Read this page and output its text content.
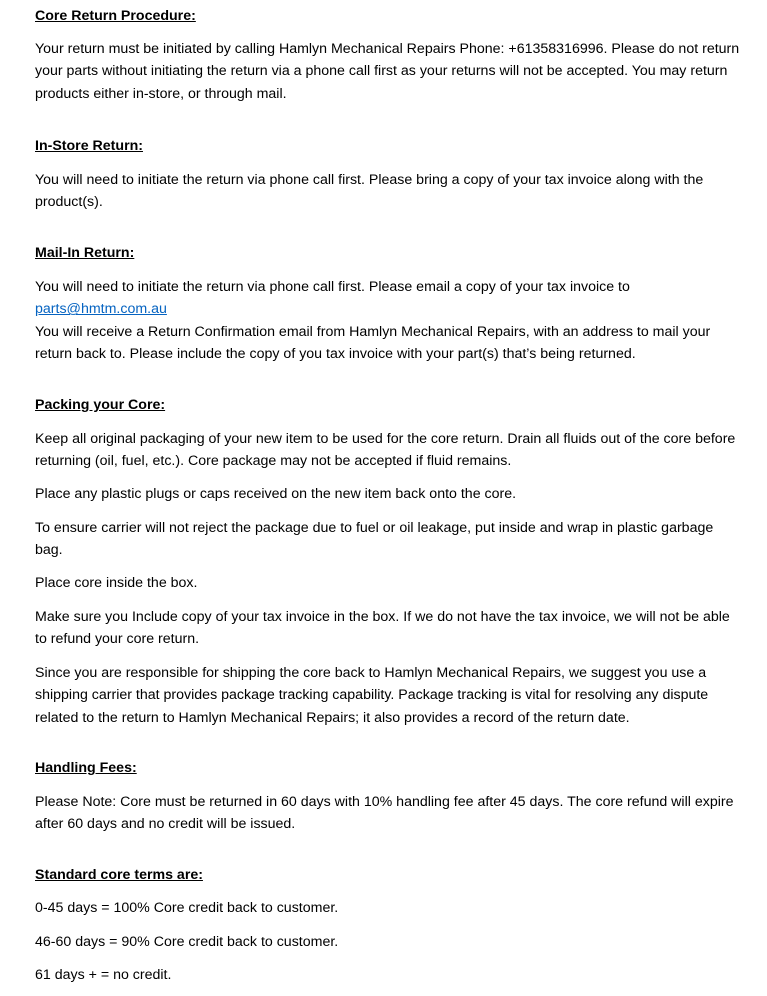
Core Return Procedure:

Your return must be initiated by calling Hamlyn Mechanical Repairs Phone: +61358316996. Please do not return your parts without initiating the return via a phone call first as your returns will not be accepted. You may return products either in-store, or through mail.

In-Store Return:

You will need to initiate the return via phone call first. Please bring a copy of your tax invoice along with the product(s).

Mail-In Return:

You will need to initiate the return via phone call first. Please email a copy of your tax invoice to
parts@hmtm.com.au
You will receive a Return Confirmation email from Hamlyn Mechanical Repairs, with an address to mail your return back to. Please include the copy of you tax invoice with your part(s) that’s being returned.

Packing your Core:

Keep all original packaging of your new item to be used for the core return. Drain all fluids out of the core before returning (oil, fuel, etc.). Core package may not be accepted if fluid remains.

Place any plastic plugs or caps received on the new item back onto the core.

To ensure carrier will not reject the package due to fuel or oil leakage, put inside and wrap in plastic garbage bag.

Place core inside the box.

Make sure you Include copy of your tax invoice in the box. If we do not have the tax invoice, we will not be able to refund your core return.

Since you are responsible for shipping the core back to Hamlyn Mechanical Repairs, we suggest you use a shipping carrier that provides package tracking capability. Package tracking is vital for resolving any dispute related to the return to Hamlyn Mechanical Repairs; it also provides a record of the return date.

Handling Fees:

Please Note: Core must be returned in 60 days with 10% handling fee after 45 days. The core refund will expire after 60 days and no credit will be issued.

Standard core terms are:

0-45 days = 100% Core credit back to customer.

46-60 days = 90% Core credit back to customer.

61 days + = no credit.
